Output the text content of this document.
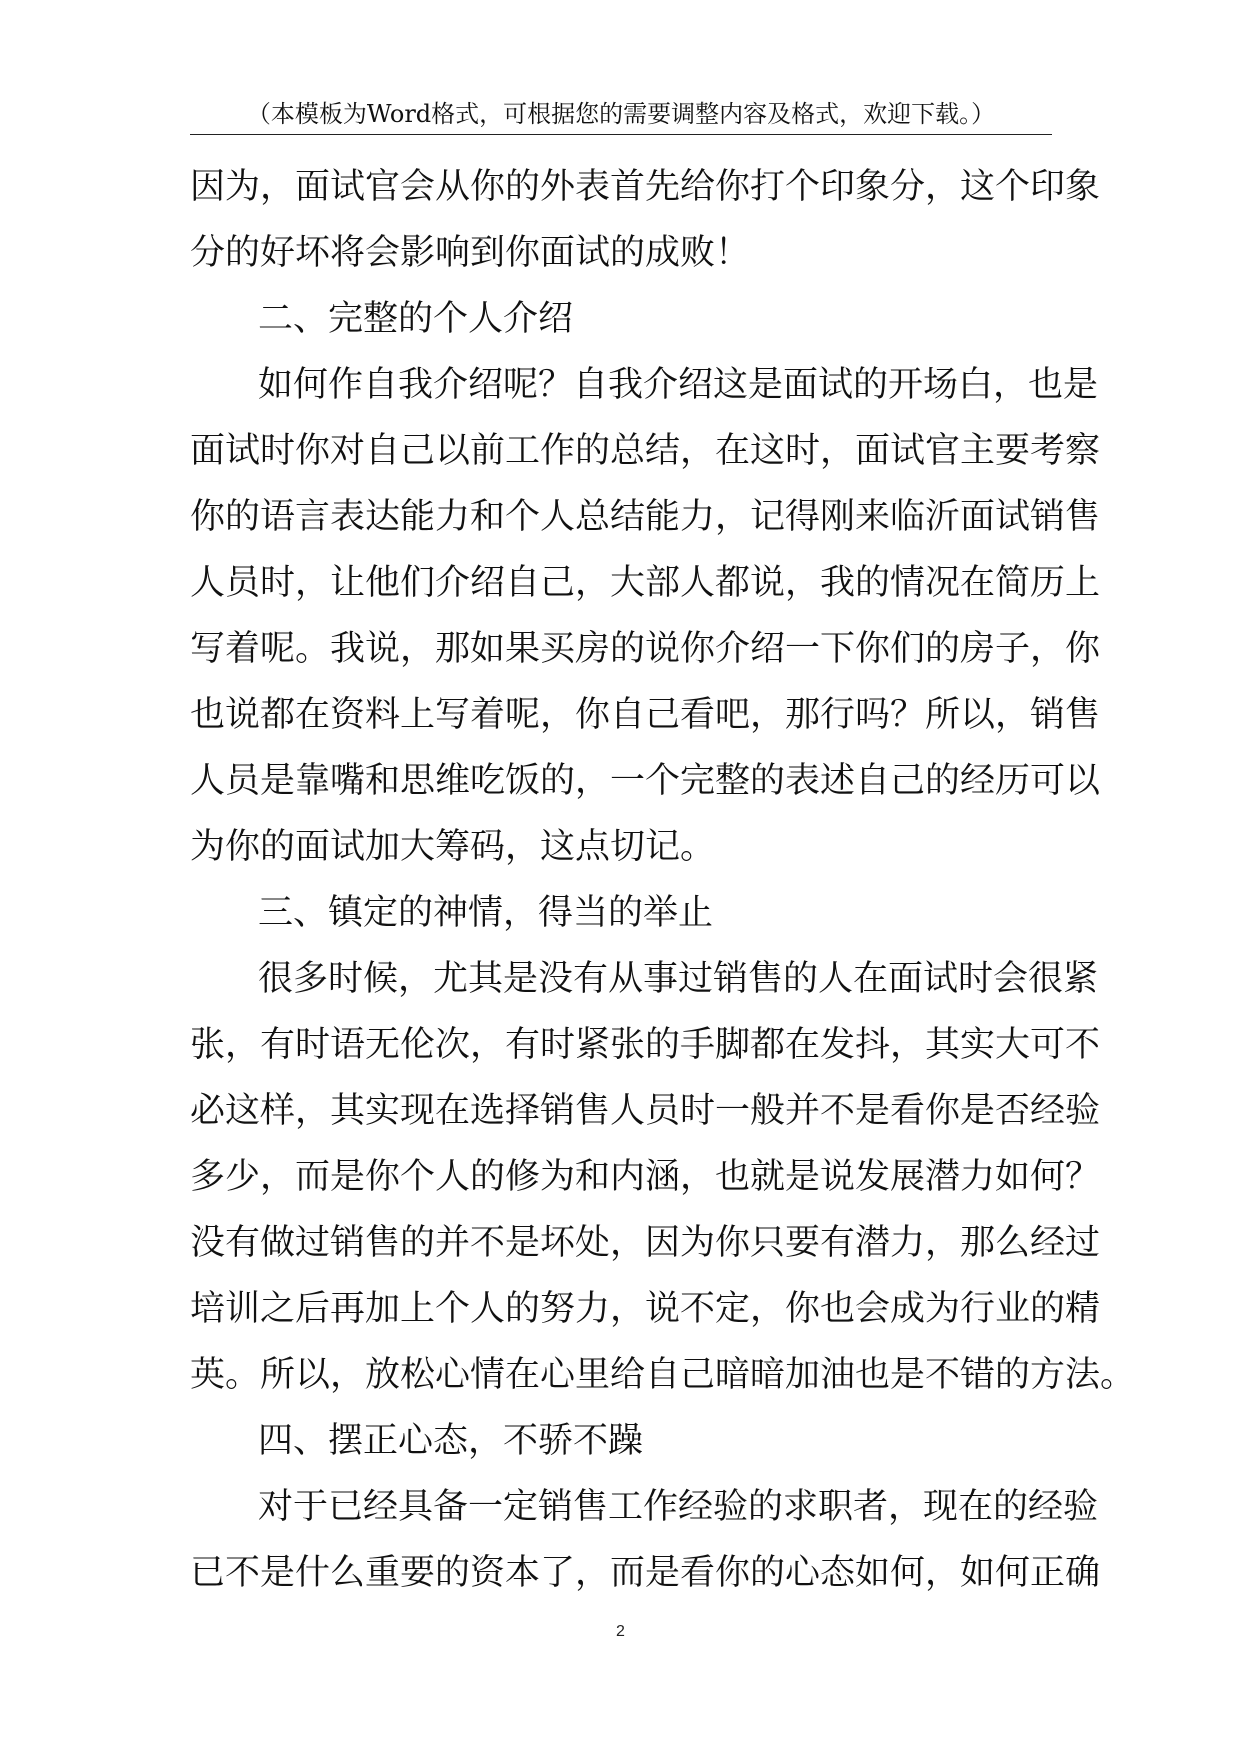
（本模板为Word格式，可根据您的需要调整内容及格式，欢迎下载。）
因为，面试官会从你的外表首先给你打个印象分，这个印象
分的好坏将会影响到你面试的成败！
二、完整的个人介绍
如何作自我介绍呢？自我介绍这是面试的开场白，也是
面试时你对自己以前工作的总结，在这时，面试官主要考察
你的语言表达能力和个人总结能力，记得刚来临沂面试销售
人员时，让他们介绍自己，大部人都说，我的情况在简历上
写着呢。我说，那如果买房的说你介绍一下你们的房子，你
也说都在资料上写着呢，你自己看吧，那行吗？所以，销售
人员是靠嘴和思维吃饭的，一个完整的表述自己的经历可以
为你的面试加大筹码，这点切记。
三、镇定的神情，得当的举止
很多时候，尤其是没有从事过销售的人在面试时会很紧
张，有时语无伦次，有时紧张的手脚都在发抖，其实大可不
必这样，其实现在选择销售人员时一般并不是看你是否经验
多少，而是你个人的修为和内涵，也就是说发展潜力如何？
没有做过销售的并不是坏处，因为你只要有潜力，那么经过
培训之后再加上个人的努力，说不定，你也会成为行业的精
英。所以，放松心情在心里给自己暗暗加油也是不错的方法。
四、摆正心态，不骄不躁
对于已经具备一定销售工作经验的求职者，现在的经验
已不是什么重要的资本了，而是看你的心态如何，如何正确
2
